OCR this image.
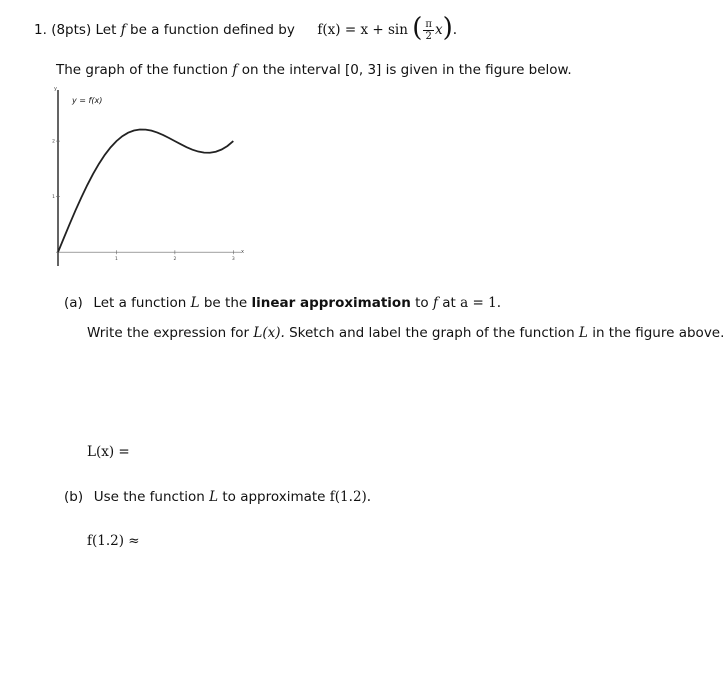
1. (8pts) Let f be a function defined by f(x) = x + sin ( $\frac{\pi}{2} x$).
The graph of the function f on the interval [0, 3] is given in the figure below.
1	2	3
1
2
y = f(x)
y
x
(a) Let a function L be the linear approximation to f at a = 1.
Write the expression for L(x). Sketch and label the graph of the function L in the figure above.
L(x) =
(b) Use the function L to approximate f(1.2).
f(1.2) ≈
